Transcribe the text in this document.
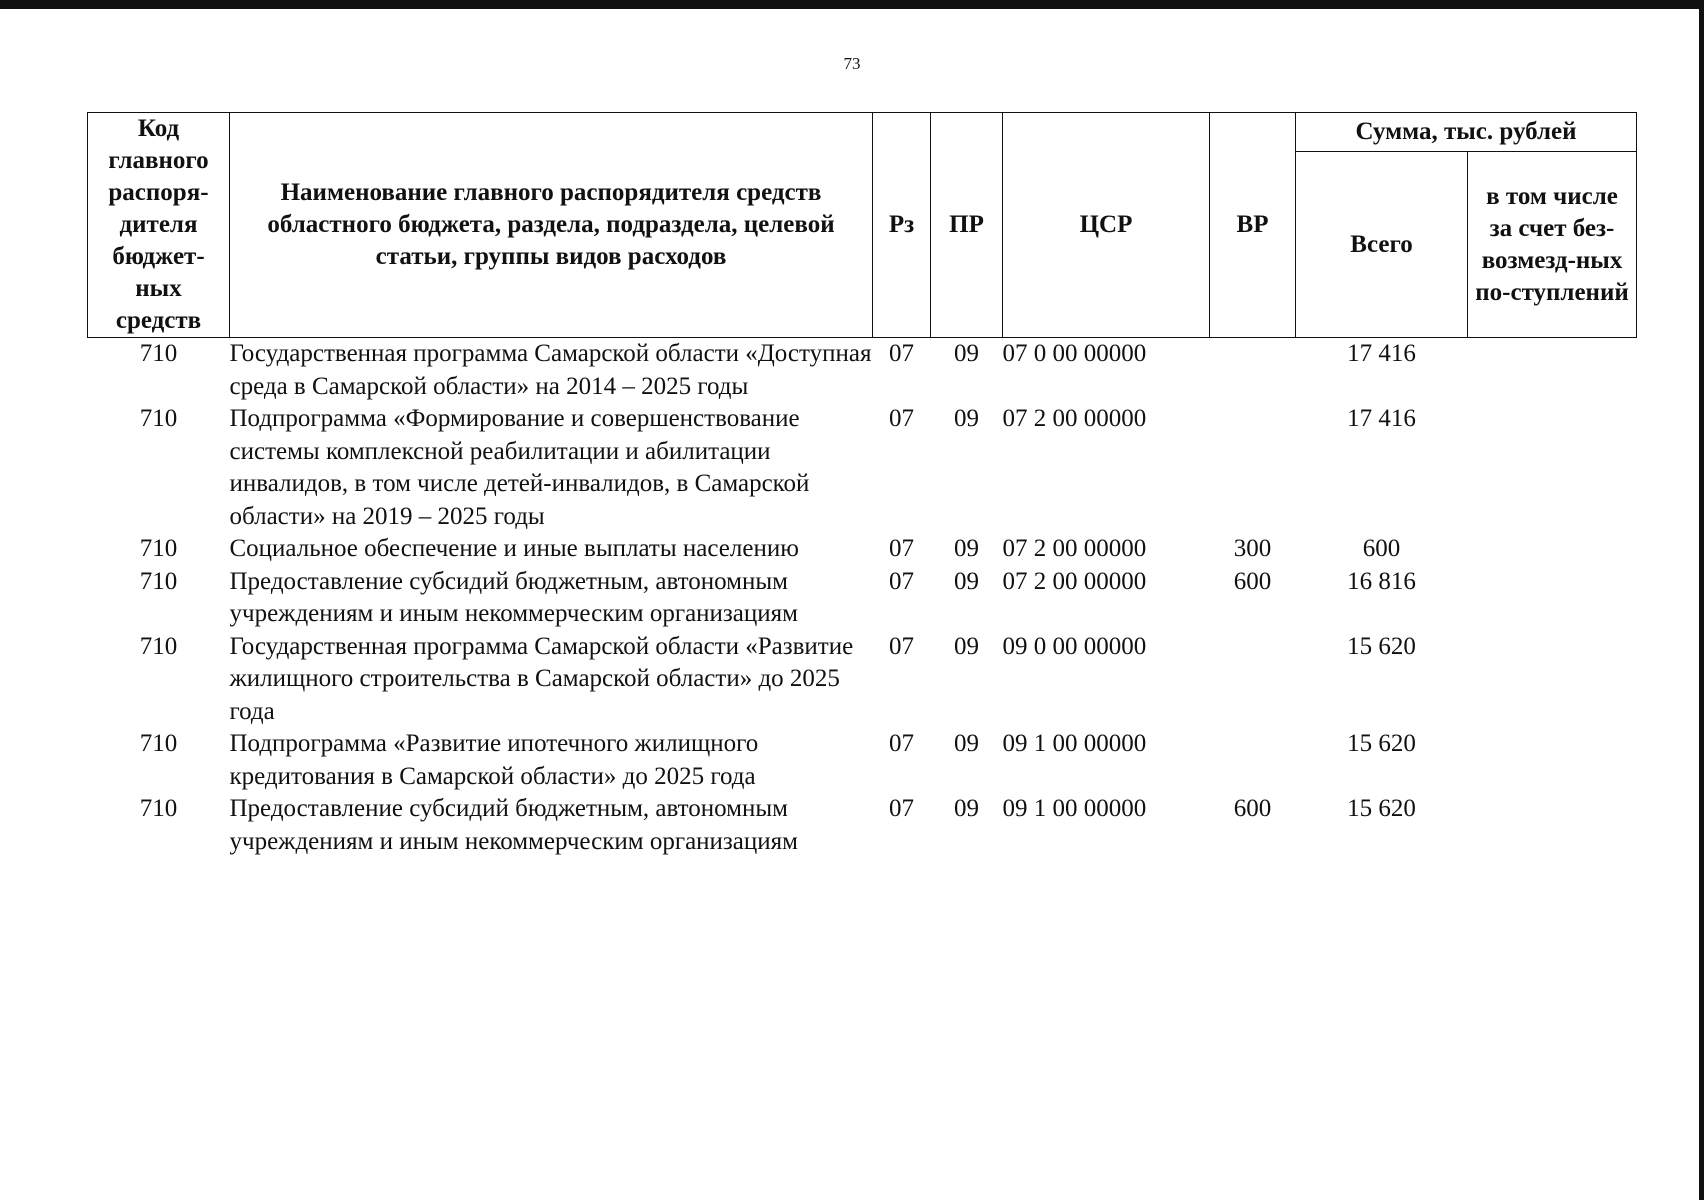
73
Код главного распоря-дителя бюджет-ных средств	Наименование главного распорядителя средств областного бюджета, раздела, подраздела, целевой статьи, группы видов расходов	Рз	ПР	ЦСР	ВР	Сумма, тыс. рублей	
						Всего	в том числе за счет без-возмезд-ных по-ступлений
710	Государственная программа Самарской области «Доступная среда в Самарской области» на 2014 – 2025 годы	07	09	07 0 00 00000		17 416	
710	Подпрограмма «Формирование и совершенствование системы комплексной реабилитации и абилитации инвалидов, в том числе детей-инвалидов, в Самарской области» на 2019 – 2025 годы	07	09	07 2 00 00000		17 416	
710	Социальное обеспечение и иные выплаты населению	07	09	07 2 00 00000	300	600	
710	Предоставление субсидий бюджетным, автономным учреждениям и иным некоммерческим организациям	07	09	07 2 00 00000	600	16 816	
710	Государственная программа Самарской области «Развитие жилищного строительства в Самарской области» до 2025 года	07	09	09 0 00 00000		15 620	
710	Подпрограмма «Развитие ипотечного жилищного кредитования в Самарской области» до 2025 года	07	09	09 1 00 00000		15 620	
710	Предоставление субсидий бюджетным, автономным учреждениям и иным некоммерческим организациям	07	09	09 1 00 00000	600	15 620	
